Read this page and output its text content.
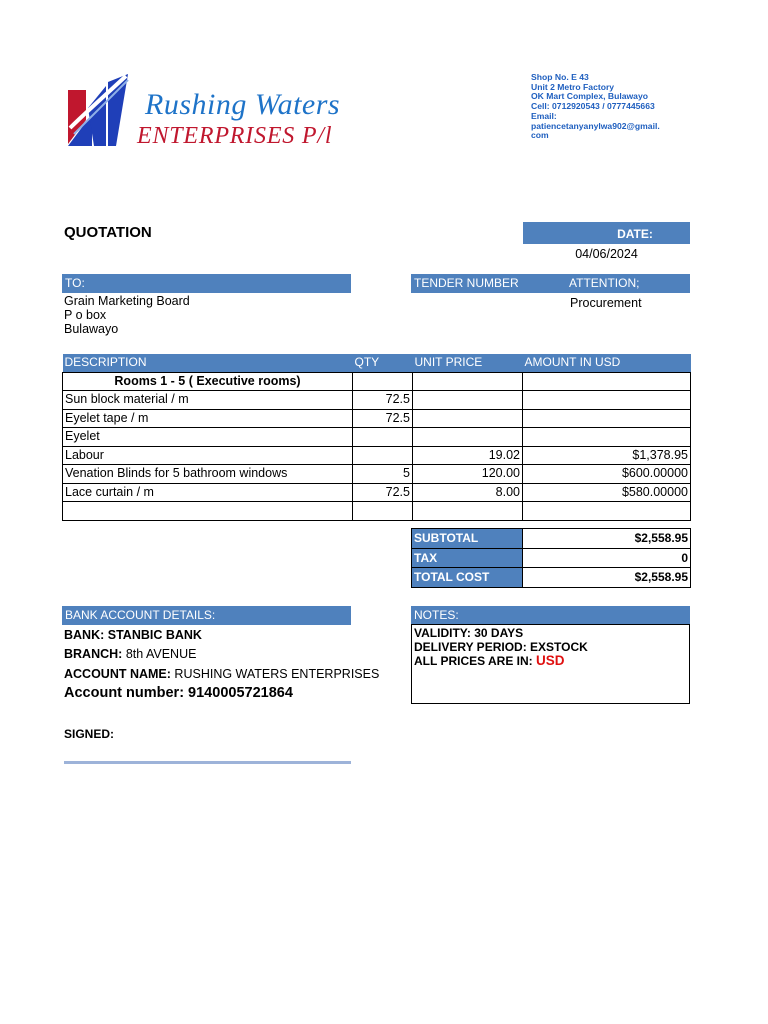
Rushing Waters
ENTERPRISES P/l
Shop No. E 43
Unit 2 Metro Factory
OK Mart Complex, Bulawayo
Cell: 0712920543 / 0777445663
Email:
patiencetanyanylwa902@gmail.
com
QUOTATION	DATE:
04/06/2024
TO:	TENDER NUMBER	ATTENTION;
Grain Marketing Board
P o box
Bulawayo
Procurement
DESCRIPTION	QTY	UNIT PRICE	AMOUNT IN USD
Rooms 1 - 5 ( Executive rooms)			
Sun block material / m	72.5		
Eyelet tape / m	72.5		
Eyelet			
Labour		19.02	$1,378.95
Venation Blinds for 5 bathroom windows	5	120.00	$600.00000
Lace curtain / m	72.5	8.00	$580.00000

SUBTOTAL	$2,558.95
TAX	0
TOTAL COST	$2,558.95
BANK ACCOUNT DETAILS:
BANK: STANBIC BANK
BRANCH: 8th AVENUE
ACCOUNT NAME: RUSHING WATERS ENTERPRISES
Account number: 9140005721864
NOTES:
VALIDITY: 30 DAYS
DELIVERY PERIOD: EXSTOCK
ALL PRICES ARE IN: USD
SIGNED:
